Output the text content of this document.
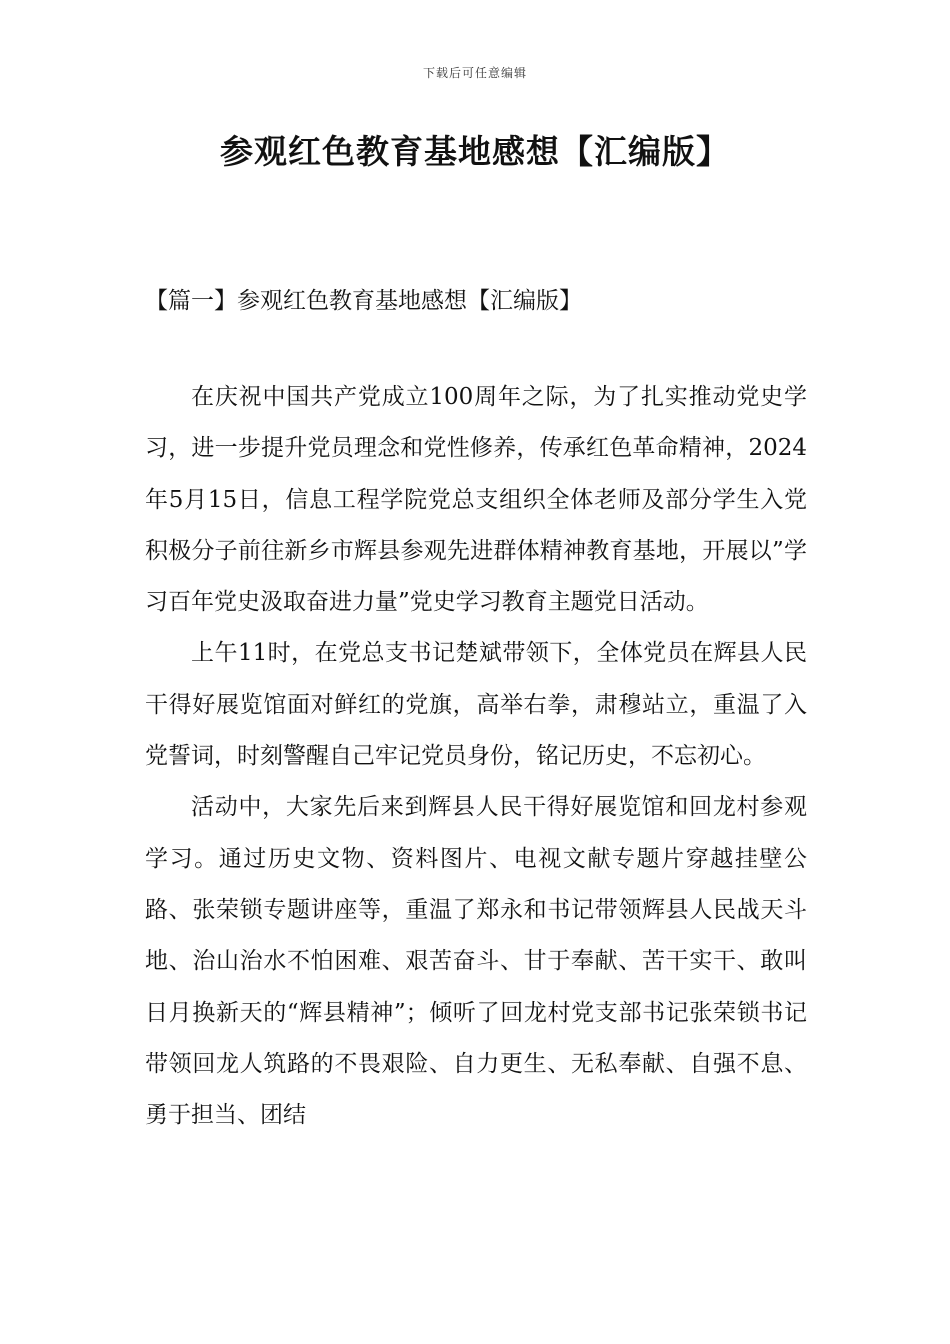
下载后可任意编辑
参观红色教育基地感想【汇编版】
【篇一】参观红色教育基地感想【汇编版】

在庆祝中国共产党成立100周年之际，为了扎实推动党史学习，进一步提升党员理念和党性修养，传承红色革命精神，2024年5月15日，信息工程学院党总支组织全体老师及部分学生入党积极分子前往新乡市辉县参观先进群体精神教育基地，开展以”学习百年党史汲取奋进力量”党史学习教育主题党日活动。

上午11时，在党总支书记楚斌带领下，全体党员在辉县人民干得好展览馆面对鲜红的党旗，高举右拳，肃穆站立，重温了入党誓词，时刻警醒自己牢记党员身份，铭记历史，不忘初心。

活动中，大家先后来到辉县人民干得好展览馆和回龙村参观学习。通过历史文物、资料图片、电视文献专题片穿越挂壁公路、张荣锁专题讲座等，重温了郑永和书记带领辉县人民战天斗地、治山治水不怕困难、艰苦奋斗、甘于奉献、苦干实干、敢叫日月换新天的“辉县精神”；倾听了回龙村党支部书记张荣锁书记带领回龙人筑路的不畏艰险、自力更生、无私奉献、自强不息、勇于担当、团结
